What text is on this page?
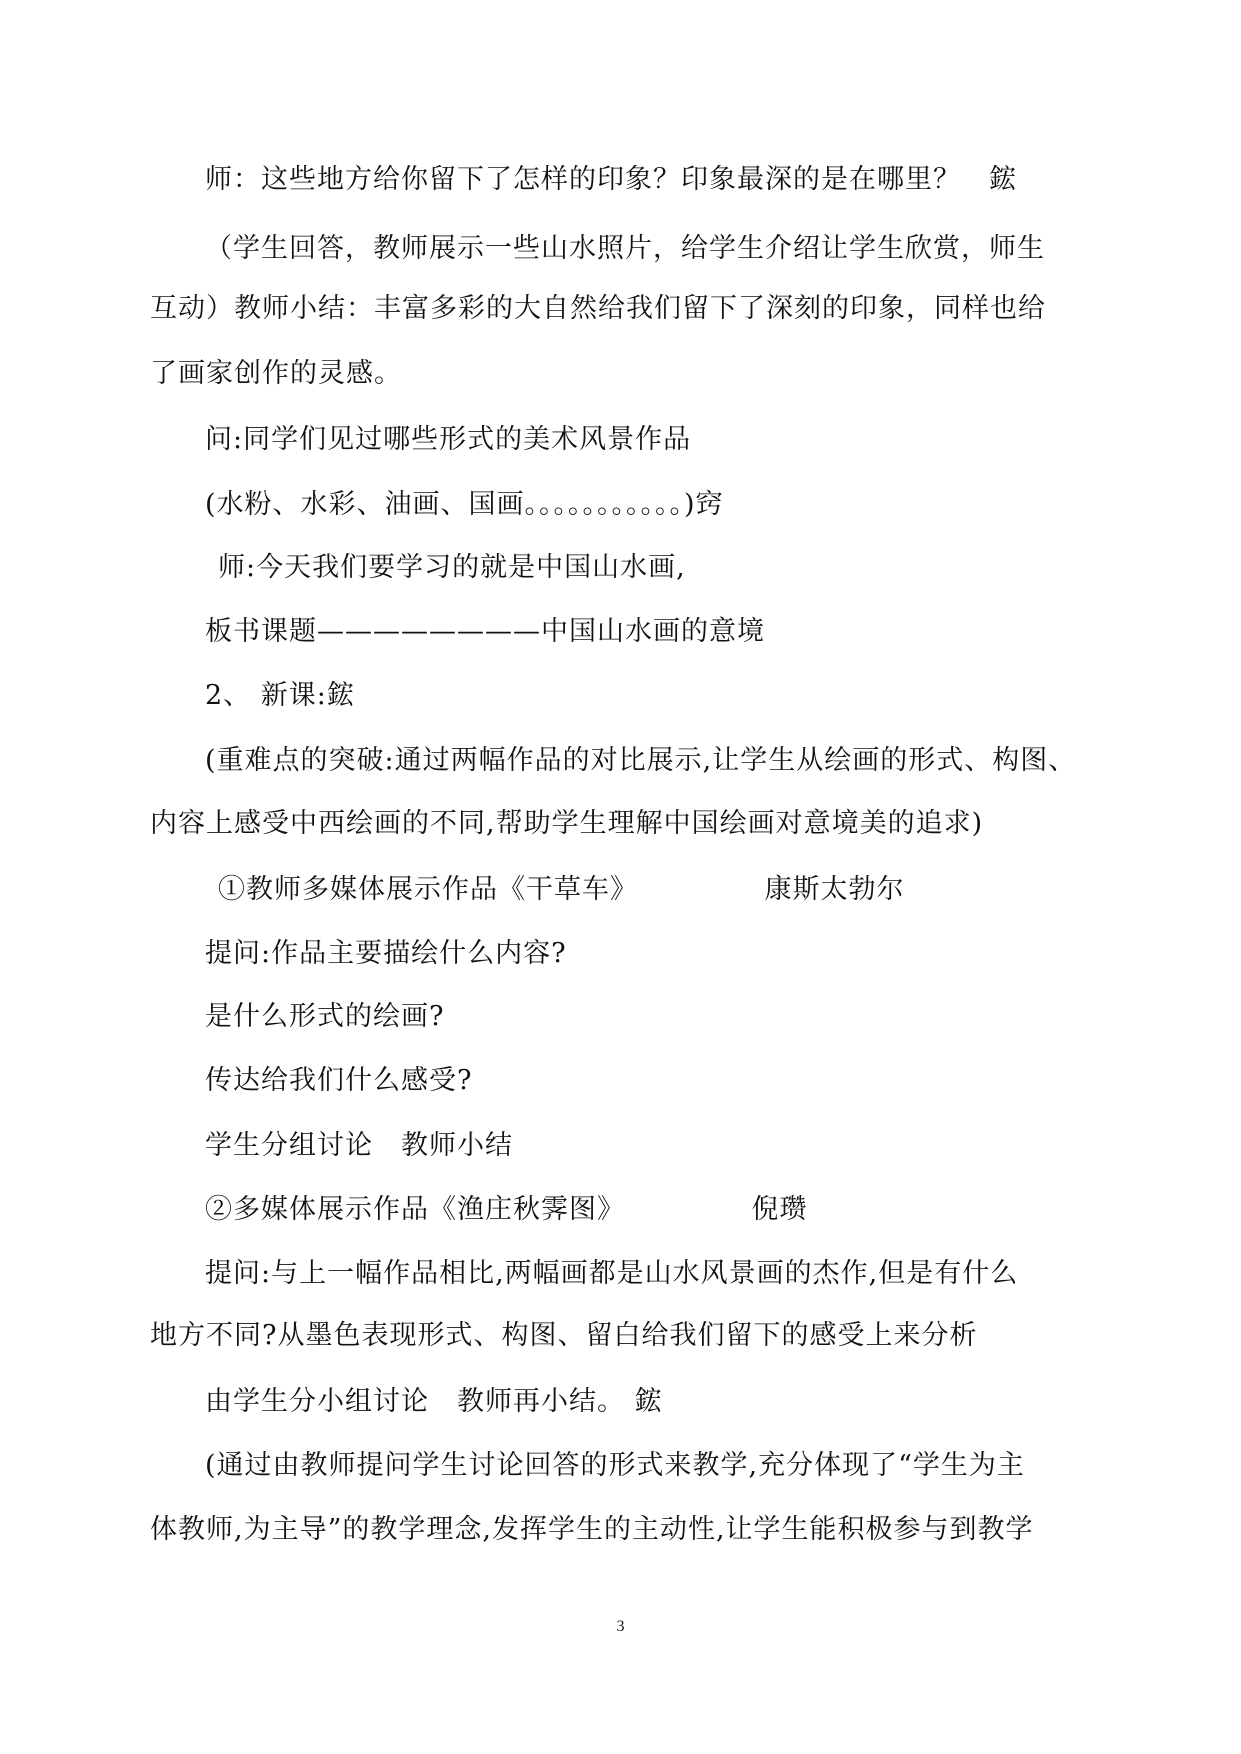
师：这些地方给你留下了怎样的印象？印象最深的是在哪里？　鋐
（学生回答，教师展示一些山水照片，给学生介绍让学生欣赏，师生
互动）教师小结：丰富多彩的大自然给我们留下了深刻的印象，同样也给
了画家创作的灵感。
问:同学们见过哪些形式的美术风景作品
(水粉、水彩、油画、国画。。。。。。。。。。。)窍
师:今天我们要学习的就是中国山水画,
板书课题————————中国山水画的意境
2、 新课:鋐
(重难点的突破:通过两幅作品的对比展示,让学生从绘画的形式、构图、
内容上感受中西绘画的不同,帮助学生理解中国绘画对意境美的追求)
①教师多媒体展示作品《干草车》　　　　　康斯太勃尔
提问:作品主要描绘什么内容?
是什么形式的绘画?
传达给我们什么感受?
学生分组讨论　教师小结
②多媒体展示作品《渔庄秋霁图》　　　　　倪瓒
提问:与上一幅作品相比,两幅画都是山水风景画的杰作,但是有什么
地方不同?从墨色表现形式、构图、留白给我们留下的感受上来分析
由学生分小组讨论　教师再小结。 鋐
(通过由教师提问学生讨论回答的形式来教学,充分体现了“学生为主
体教师,为主导”的教学理念,发挥学生的主动性,让学生能积极参与到教学
3
